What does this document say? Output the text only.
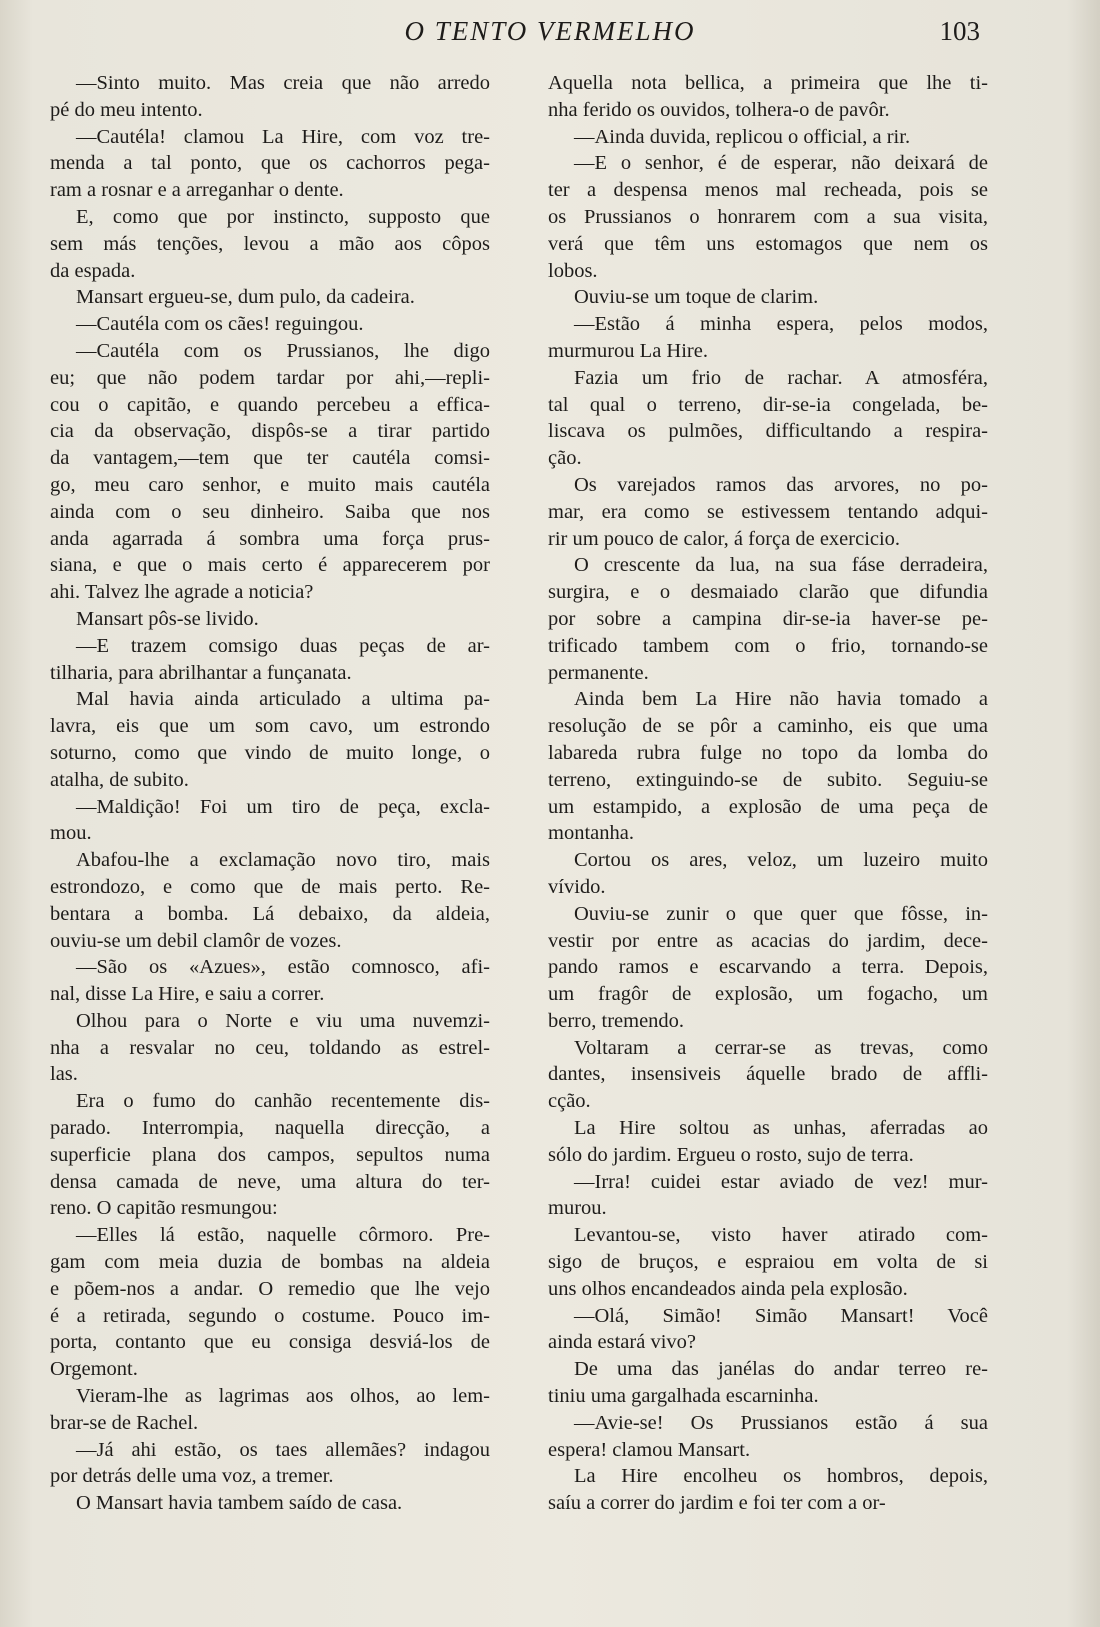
O TENTO VERMELHO	103

—Sinto muito. Mas creia que não arredo

pé do meu intento.

—Cautéla! clamou La Hire, com voz tre-

menda a tal ponto, que os cachorros pega-

ram a rosnar e a arreganhar o dente.

E, como que por instincto, supposto que

sem más tenções, levou a mão aos côpos

da espada.

Mansart ergueu-se, dum pulo, da cadeira.

—Cautéla com os cães! reguingou.

—Cautéla com os Prussianos, lhe digo

eu; que não podem tardar por ahi,—repli-

cou o capitão, e quando percebeu a effica-

cia da observação, dispôs-se a tirar partido

da vantagem,—tem que ter cautéla comsi-

go, meu caro senhor, e muito mais cautéla

ainda com o seu dinheiro. Saiba que nos

anda agarrada á sombra uma força prus-

siana, e que o mais certo é apparecerem por

ahi. Talvez lhe agrade a noticia?

Mansart pôs-se livido.

—E trazem comsigo duas peças de ar-

tilharia, para abrilhantar a funçanata.

Mal havia ainda articulado a ultima pa-

lavra, eis que um som cavo, um estrondo

soturno, como que vindo de muito longe, o

atalha, de subito.

—Maldição! Foi um tiro de peça, excla-

mou.

Abafou-lhe a exclamação novo tiro, mais

estrondozo, e como que de mais perto. Re-

bentara a bomba. Lá debaixo, da aldeia,

ouviu-se um debil clamôr de vozes.

—São os «Azues», estão comnosco, afi-

nal, disse La Hire, e saiu a correr.

Olhou para o Norte e viu uma nuvemzi-

nha a resvalar no ceu, toldando as estrel-

las.

Era o fumo do canhão recentemente dis-

parado. Interrompia, naquella direcção, a

superficie plana dos campos, sepultos numa

densa camada de neve, uma altura do ter-

reno. O capitão resmungou:

—Elles lá estão, naquelle côrmoro. Pre-

gam com meia duzia de bombas na aldeia

e põem-nos a andar. O remedio que lhe vejo

é a retirada, segundo o costume. Pouco im-

porta, contanto que eu consiga desviá-los de

Orgemont.

Vieram-lhe as lagrimas aos olhos, ao lem-

brar-se de Rachel.

—Já ahi estão, os taes allemães? indagou

por detrás delle uma voz, a tremer.

O Mansart havia tambem saído de casa.

Aquella nota bellica, a primeira que lhe ti-

nha ferido os ouvidos, tolhera-o de pavôr.

—Ainda duvida, replicou o official, a rir.

—E o senhor, é de esperar, não deixará de

ter a despensa menos mal recheada, pois se

os Prussianos o honrarem com a sua visita,

verá que têm uns estomagos que nem os

lobos.

Ouviu-se um toque de clarim.

—Estão á minha espera, pelos modos,

murmurou La Hire.

Fazia um frio de rachar. A atmosféra,

tal qual o terreno, dir-se-ia congelada, be-

liscava os pulmões, difficultando a respira-

ção.

Os varejados ramos das arvores, no po-

mar, era como se estivessem tentando adqui-

rir um pouco de calor, á força de exercicio.

O crescente da lua, na sua fáse derradeira,

surgira, e o desmaiado clarão que difundia

por sobre a campina dir-se-ia haver-se pe-

trificado tambem com o frio, tornando-se

permanente.

Ainda bem La Hire não havia tomado a

resolução de se pôr a caminho, eis que uma

labareda rubra fulge no topo da lomba do

terreno, extinguindo-se de subito. Seguiu-se

um estampido, a explosão de uma peça de

montanha.

Cortou os ares, veloz, um luzeiro muito

vívido.

Ouviu-se zunir o que quer que fôsse, in-

vestir por entre as acacias do jardim, dece-

pando ramos e escarvando a terra. Depois,

um fragôr de explosão, um fogacho, um

berro, tremendo.

Voltaram a cerrar-se as trevas, como

dantes, insensiveis áquelle brado de affli-

cção.

La Hire soltou as unhas, aferradas ao

sólo do jardim. Ergueu o rosto, sujo de terra.

—Irra! cuidei estar aviado de vez! mur-

murou.

Levantou-se, visto haver atirado com-

sigo de bruços, e espraiou em volta de si

uns olhos encandeados ainda pela explosão.

—Olá, Simão! Simão Mansart! Você

ainda estará vivo?

De uma das janélas do andar terreo re-

tiniu uma gargalhada escarninha.

—Avie-se! Os Prussianos estão á sua

espera! clamou Mansart.

La Hire encolheu os hombros, depois,

saíu a correr do jardim e foi ter com a or-
